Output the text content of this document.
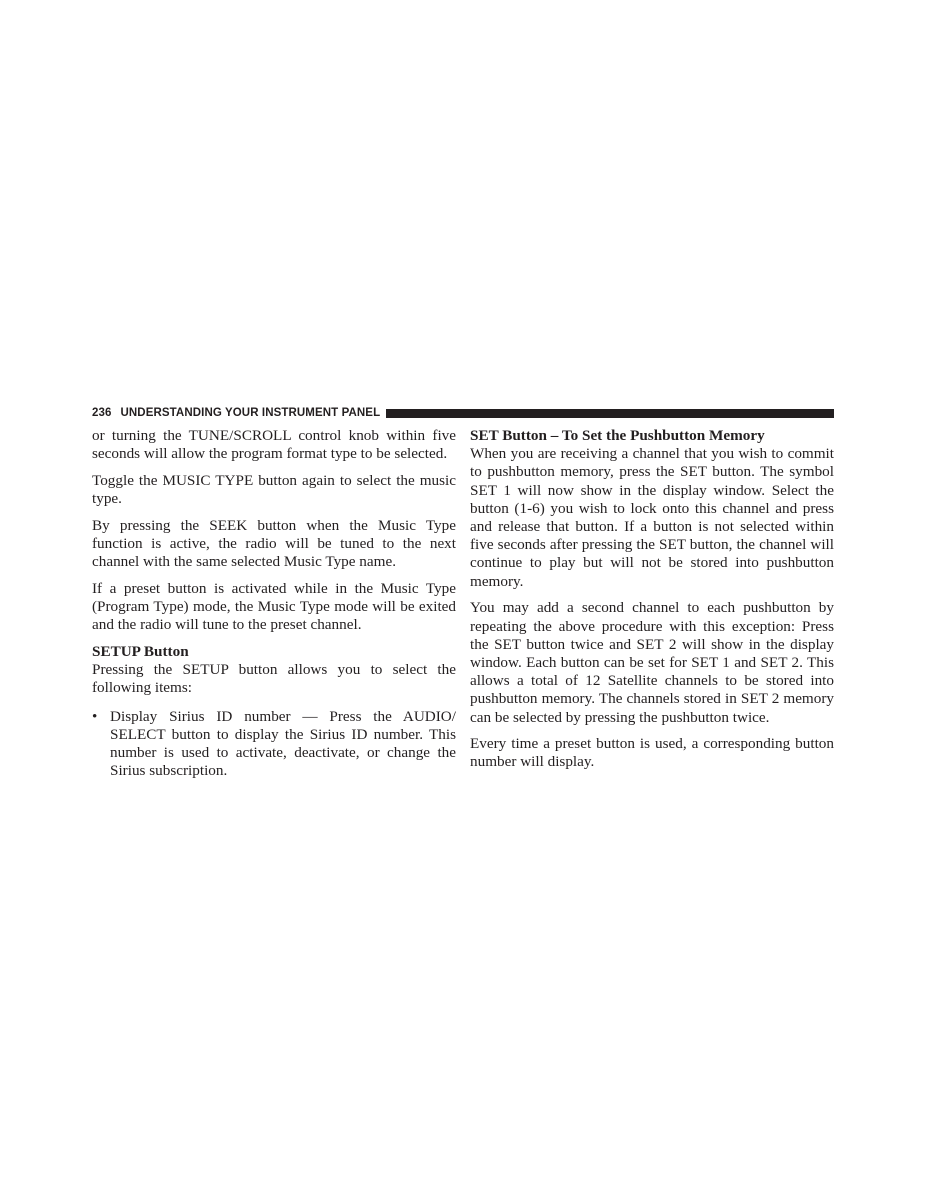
236 UNDERSTANDING YOUR INSTRUMENT PANEL

or turning the TUNE/SCROLL control knob within five seconds will allow the program format type to be selected.

Toggle the MUSIC TYPE button again to select the music type.

By pressing the SEEK button when the Music Type function is active, the radio will be tuned to the next channel with the same selected Music Type name.

If a preset button is activated while in the Music Type (Program Type) mode, the Music Type mode will be exited and the radio will tune to the preset channel.

SETUP Button

Pressing the SETUP button allows you to select the following items:

• Display Sirius ID number — Press the AUDIO/ SELECT button to display the Sirius ID number. This number is used to activate, deactivate, or change the Sirius subscription.
SET Button – To Set the Pushbutton Memory

When you are receiving a channel that you wish to commit to pushbutton memory, press the SET button. The symbol SET 1 will now show in the display window. Select the button (1-6) you wish to lock onto this channel and press and release that button. If a button is not selected within five seconds after pressing the SET button, the channel will continue to play but will not be stored into pushbutton memory.

You may add a second channel to each pushbutton by repeating the above procedure with this exception: Press the SET button twice and SET 2 will show in the display window. Each button can be set for SET 1 and SET 2. This allows a total of 12 Satellite channels to be stored into pushbutton memory. The channels stored in SET 2 memory can be selected by pressing the pushbutton twice.

Every time a preset button is used, a corresponding button number will display.
